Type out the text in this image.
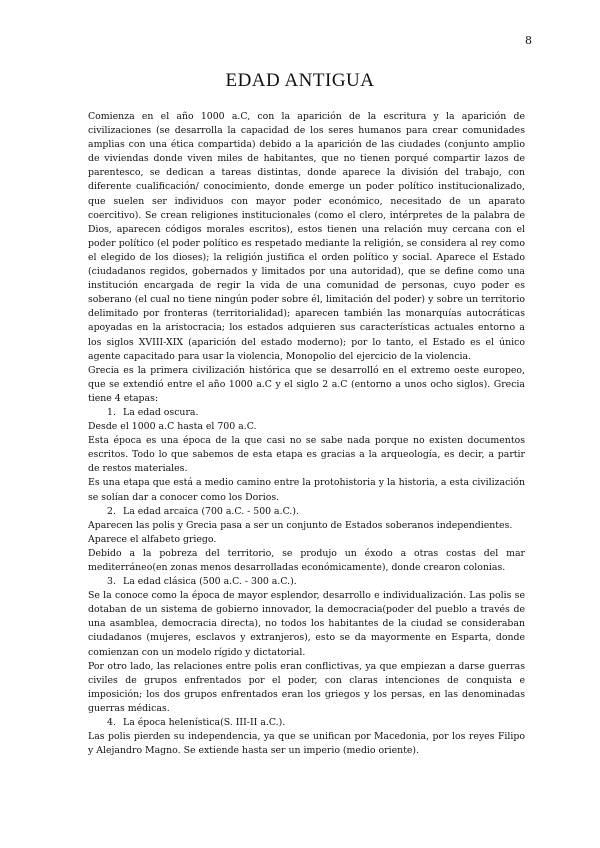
8
EDAD ANTIGUA

Comienza en el año 1000 a.C, con la aparición de la escritura y la aparición de civilizaciones (se desarrolla la capacidad de los seres humanos para crear comunidades amplias con una ética compartida) debido a la aparición de las ciudades (conjunto amplio de viviendas donde viven miles de habitantes, que no tienen porqué compartir lazos de parentesco, se dedican a tareas distintas, donde aparece la división del trabajo, con diferente cualificación/ conocimiento, donde emerge un poder político institucionalizado, que suelen ser individuos con mayor poder económico, necesitado de un aparato coercitivo). Se crean religiones institucionales (como el clero, intérpretes de la palabra de Dios, aparecen códigos morales escritos), estos tienen una relación muy cercana con el poder político (el poder político es respetado mediante la religión, se considera al rey como el elegido de los dioses); la religión justifica el orden político y social. Aparece el Estado (ciudadanos regidos, gobernados y limitados por una autoridad), que se define como una institución encargada de regir la vida de una comunidad de personas, cuyo poder es soberano (el cual no tiene ningún poder sobre él, limitación del poder) y sobre un territorio delimitado por fronteras (territorialidad); aparecen también las monarquías autocráticas apoyadas en la aristocracia; los estados adquieren sus características actuales entorno a los siglos XVIII-XIX (aparición del estado moderno); por lo tanto, el Estado es el único agente capacitado para usar la violencia, Monopolio del ejercicio de la violencia.

Grecia es la primera civilización histórica que se desarrolló en el extremo oeste europeo, que se extendió entre el año 1000 a.C y el siglo 2 a.C (entorno a unos ocho siglos). Grecia tiene 4 etapas:

1. La edad oscura.

Desde el 1000 a.C hasta el 700 a.C.

Esta época es una época de la que casi no se sabe nada porque no existen documentos escritos. Todo lo que sabemos de esta etapa es gracias a la arqueología, es decir, a partir de restos materiales.

Es una etapa que está a medio camino entre la protohistoria y la historia, a esta civilización se solían dar a conocer como los Dorios.

2. La edad arcaica (700 a.C. - 500 a.C.).

Aparecen las polis y Grecia pasa a ser un conjunto de Estados soberanos independientes.

Aparece el alfabeto griego.

Debido a la pobreza del territorio, se produjo un éxodo a otras costas del mar mediterráneo(en zonas menos desarrolladas económicamente), donde crearon colonias.

3. La edad clásica (500 a.C. - 300 a.C.).

Se la conoce como la época de mayor esplendor, desarrollo e individualización. Las polis se dotaban de un sistema de gobierno innovador, la democracia(poder del pueblo a través de una asamblea, democracia directa), no todos los habitantes de la ciudad se consideraban ciudadanos (mujeres, esclavos y extranjeros), esto se da mayormente en Esparta, donde comienzan con un modelo rígido y dictatorial.

Por otro lado, las relaciones entre polis eran conflictivas, ya que empiezan a darse guerras civiles de grupos enfrentados por el poder, con claras intenciones de conquista e imposición; los dos grupos enfrentados eran los griegos y los persas, en las denominadas guerras médicas.

4. La época helenística(S. III-II a.C.).

Las polis pierden su independencia, ya que se unifican por Macedonia, por los reyes Filipo y Alejandro Magno. Se extiende hasta ser un imperio (medio oriente).
